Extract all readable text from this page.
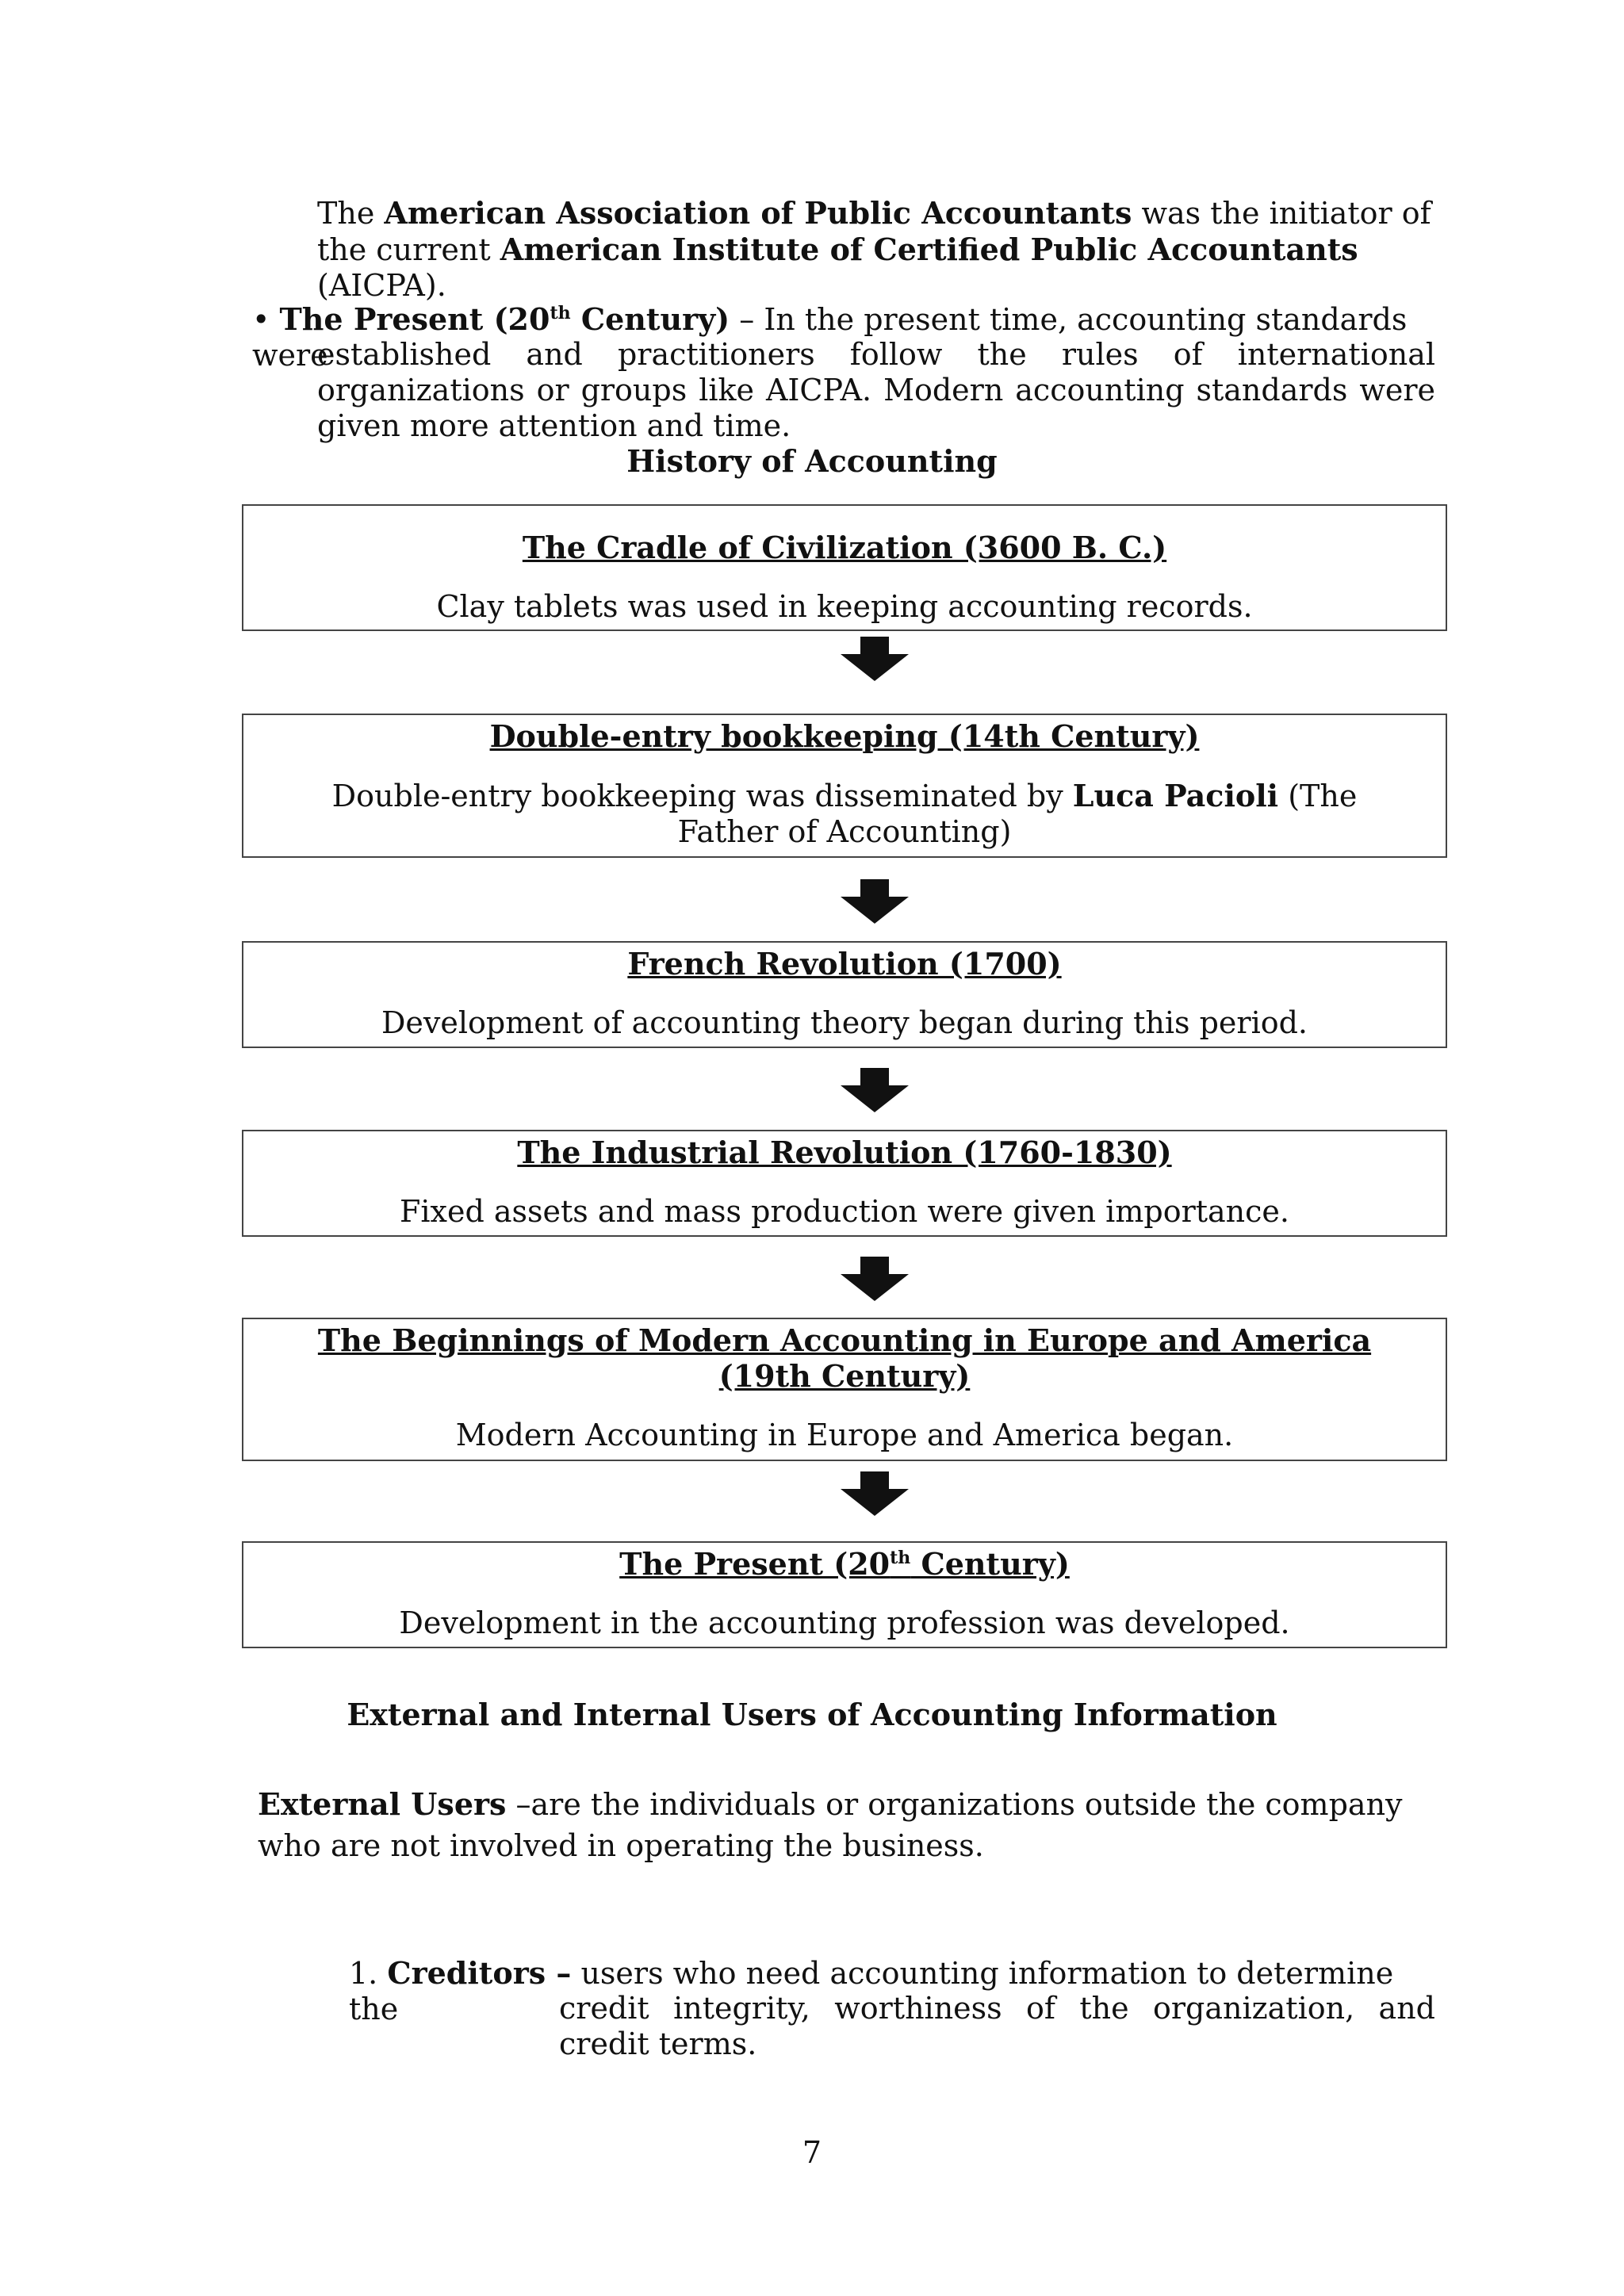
The American Association of Public Accountants was the initiator of the current American Institute of Certified Public Accountants (AICPA).
• The Present (20th Century) – In the present time, accounting standards were
established and practitioners follow the rules of international organizations or groups like AICPA. Modern accounting standards were given more attention and time.
History of Accounting
The Cradle of Civilization (3600 B. C.)
Clay tablets was used in keeping accounting records.
Double-entry bookkeeping (14th Century)
Double-entry bookkeeping was disseminated by Luca Pacioli (The Father of Accounting)
French Revolution (1700)
Development of accounting theory began during this period.
The Industrial Revolution (1760-1830)
Fixed assets and mass production were given importance.
The Beginnings of Modern Accounting in Europe and America (19th Century)
Modern Accounting in Europe and America began.
The Present (20th Century)
Development in the accounting profession was developed.
External and Internal Users of Accounting Information
External Users –are the individuals or organizations outside the company who are not involved in operating the business.
1. Creditors – users who need accounting information to determine the	credit integrity, worthiness of the organization, and credit terms.
7
